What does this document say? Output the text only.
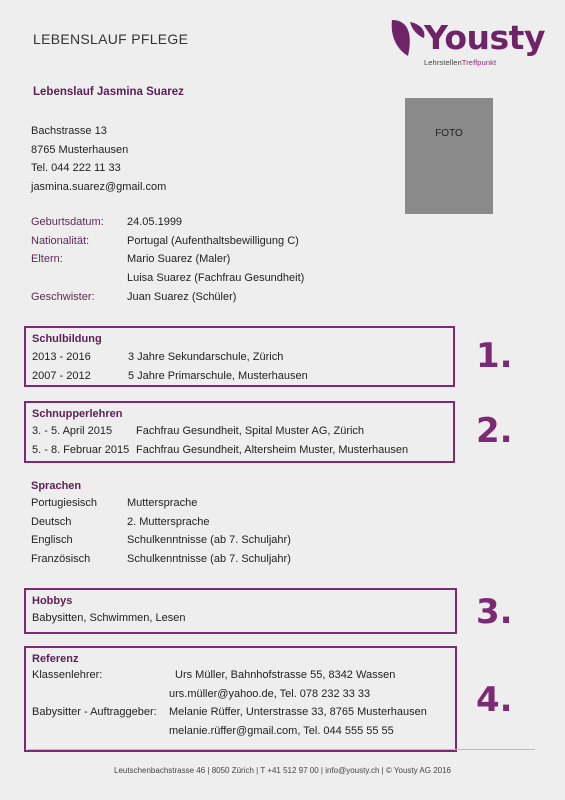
LEBENSLAUF PFLEGE	Yousty
LehrstellenTreffpunkt
Lebenslauf Jasmina Suarez
Bachstrasse 13
8765 Musterhausen
Tel. 044 222 11 33
jasmina.suarez@gmail.com
FOTO
Geburtsdatum: 24.05.1999
Nationalität:	Portugal (Aufenthaltsbewilligung C)
Eltern:	Mario Suarez (Maler)
Luisa Suarez (Fachfrau Gesundheit)
Geschwister:	Juan Suarez (Schüler)
Schulbildung
2013 - 2016	3 Jahre Sekundarschule, Zürich
2007 - 2012	5 Jahre Primarschule, Musterhausen	1.
Schnupperlehren
3. - 5. April 2015 Fachfrau Gesundheit, Spital Muster AG, Zürich
5. - 8. Februar 2015 Fachfrau Gesundheit, Altersheim Muster, Musterhausen 2.
Sprachen
Portugiesisch	Muttersprache
Deutsch	2. Muttersprache
Englisch	Schulkenntnisse (ab 7. Schuljahr)
Französisch	Schulkenntnisse (ab 7. Schuljahr)
Hobbys
Babysitten, Schwimmen, Lesen	3.
Referenz
Klassenlehrer:	Urs Müller, Bahnhofstrasse 55, 8342 Wassen
urs.müller@yahoo.de, Tel. 078 232 33 33
Babysitter - Auftraggeber: Melanie Rüffer, Unterstrasse 33, 8765 Musterhausen
melanie.rüffer@gmail.com, Tel. 044 555 55 55
4.
Leutschenbachstrasse 46 | 8050 Zürich | T +41 512 97 00 | info@yousty.ch | © Yousty AG 2016
